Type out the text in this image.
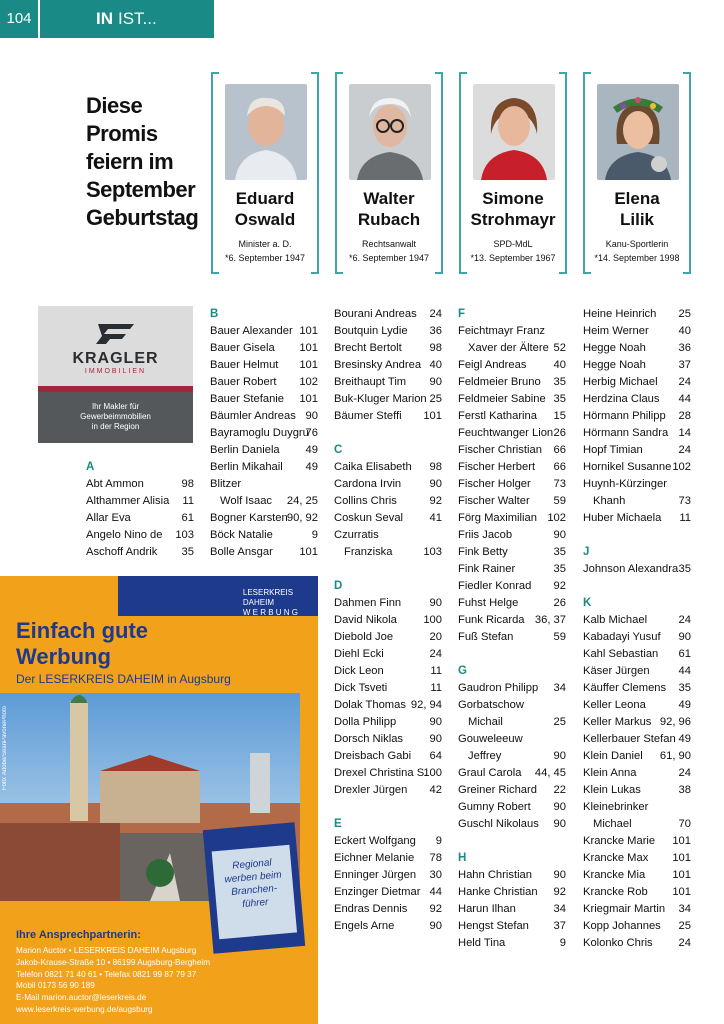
104	IN IST...
Diese
Promis
feiern im
September
Geburtstag
Eduard
Oswald
Minister a. D.
*6. September 1947
Walter
Rubach
Rechtsanwalt
*6. September 1947
Simone
Strohmayr
SPD-MdL
*13. September 1967
Elena
Lilik
Kanu-Sportlerin
*14. September 1998
KRAGLER
IMMOBILIEN
Ihr Makler für
Gewerbeimmobilien
in der Region
A
Abt Ammon	98
Althammer Alisia 11
Allar Eva	61
Angelo Nino de 103
Aschoff Andrik 35
B
Bauer Alexander 101
Bauer Gisela 101
Bauer Helmut 101
Bauer Robert 102
Bauer Stefanie 101
Bäumler Andreas 90
Bayramoglu Duygru
76
Berlin Daniela 49
Berlin Mikahail 49
Blitzer
Wolf Isaac 24, 25
Bogner Karsten 90, 92
Böck Natalie	9
Bolle Ansgar 101
Bourani Andreas 24
Boutquin Lydie 36
Brecht Bertolt 98
Bresinsky Andrea 40
Breithaupt Tim 90
Buk-Kluger Marion 25
Bäumer Steffi 101
C
Caika Elisabeth 98
Cardona Irvin	90
Collins Chris	92
Coskun Seval 41
Czurratis
Franziska	103
D
Dahmen Finn	90
David Nikola 100
Diebold Joe	20
Diehl Ecki	24
Dick Leon	11
Dick Tsveti	11
Dolak Thomas 92, 94
Dolla Philipp	90
Dorsch Niklas 90
Dreisbach Gabi 64
Drexel Christina S.
100
Drexler Jürgen 42
E
Eckert Wolfgang 9
Eichner Melanie 78
Enninger Jürgen 30
Enzinger Dietmar 44
Endras Dennis 92
Engels Arne	90
F
Feichtmayr Franz
Xaver der Ältere 52
Feigl Andreas 40
Feldmeier Bruno 35
Feldmeier Sabine 35
Ferstl Katharina 15
Feuchtwanger Lion 26
Fischer Christian 66
Fischer Herbert 66
Fischer Holger 73
Fischer Walter 59
Förg Maximilian 102
Friis Jacob	90
Fink Betty	35
Fink Rainer	35
Fiedler Konrad 92
Fuhst Helge	26
Funk Ricarda 36, 37
Fuß Stefan	59
G
Gaudron Philipp 34
Gorbatschow
Michail	25
Gouweleeuw
Jeffrey	90
Graul Carola 44, 45
Greiner Richard 22
Gumny Robert 90
Guschl Nikolaus 90
H
Hahn Christian 90
Hanke Christian 92
Harun Ilhan	34
Hengst Stefan 37
Held Tina	9
Heine Heinrich 25
Heim Werner	40
Hegge Noah	36
Hegge Noah	37
Herbig Michael 24
Herdzina Claus 44
Hörmann Philipp 28
Hörmann Sandra 14
Hopf Timian	24
Hornikel Susanne 102
Huynh-Kürzinger
Khanh	73
Huber Michaela 11
J
Johnson Alexandra 35
K
Kalb Michael	24
Kabadayi Yusuf 90
Kahl Sebastian 61
Käser Jürgen	44
Käuffer Clemens 35
Keller Leona	49
Keller Markus 92, 96
Kellerbauer Stefan 49
Klein Daniel 61, 90
Klein Anna	24
Klein Lukas	38
Kleinebrinker
Michael	70
Krancke Marie 101
Krancke Max 101
Krancke Mia 101
Krancke Rob 101
Kriegmair Martin 34
Kopp Johannes 25
Kolonko Chris 24
LESERKREIS
DAHEIM
W E R B U N G
Einfach gute
Werbung
Der LESERKREIS DAHEIM in Augsburg
Foto: Adobe/SeanPavonePhoto
Regional werben beim Branchen-führer
Ihre Ansprechpartnerin:
Marion Auctor • LESERKREIS DAHEIM Augsburg
Jakob-Krause-Straße 10 • 86199 Augsburg-Bergheim
Telefon 0821 71 40 61 • Telefax 0821 99 87 79 37
Mobil 0173 56 90 189
E-Mail marion.auctor@leserkreis.de
www.leserkreis-werbung.de/augsburg
